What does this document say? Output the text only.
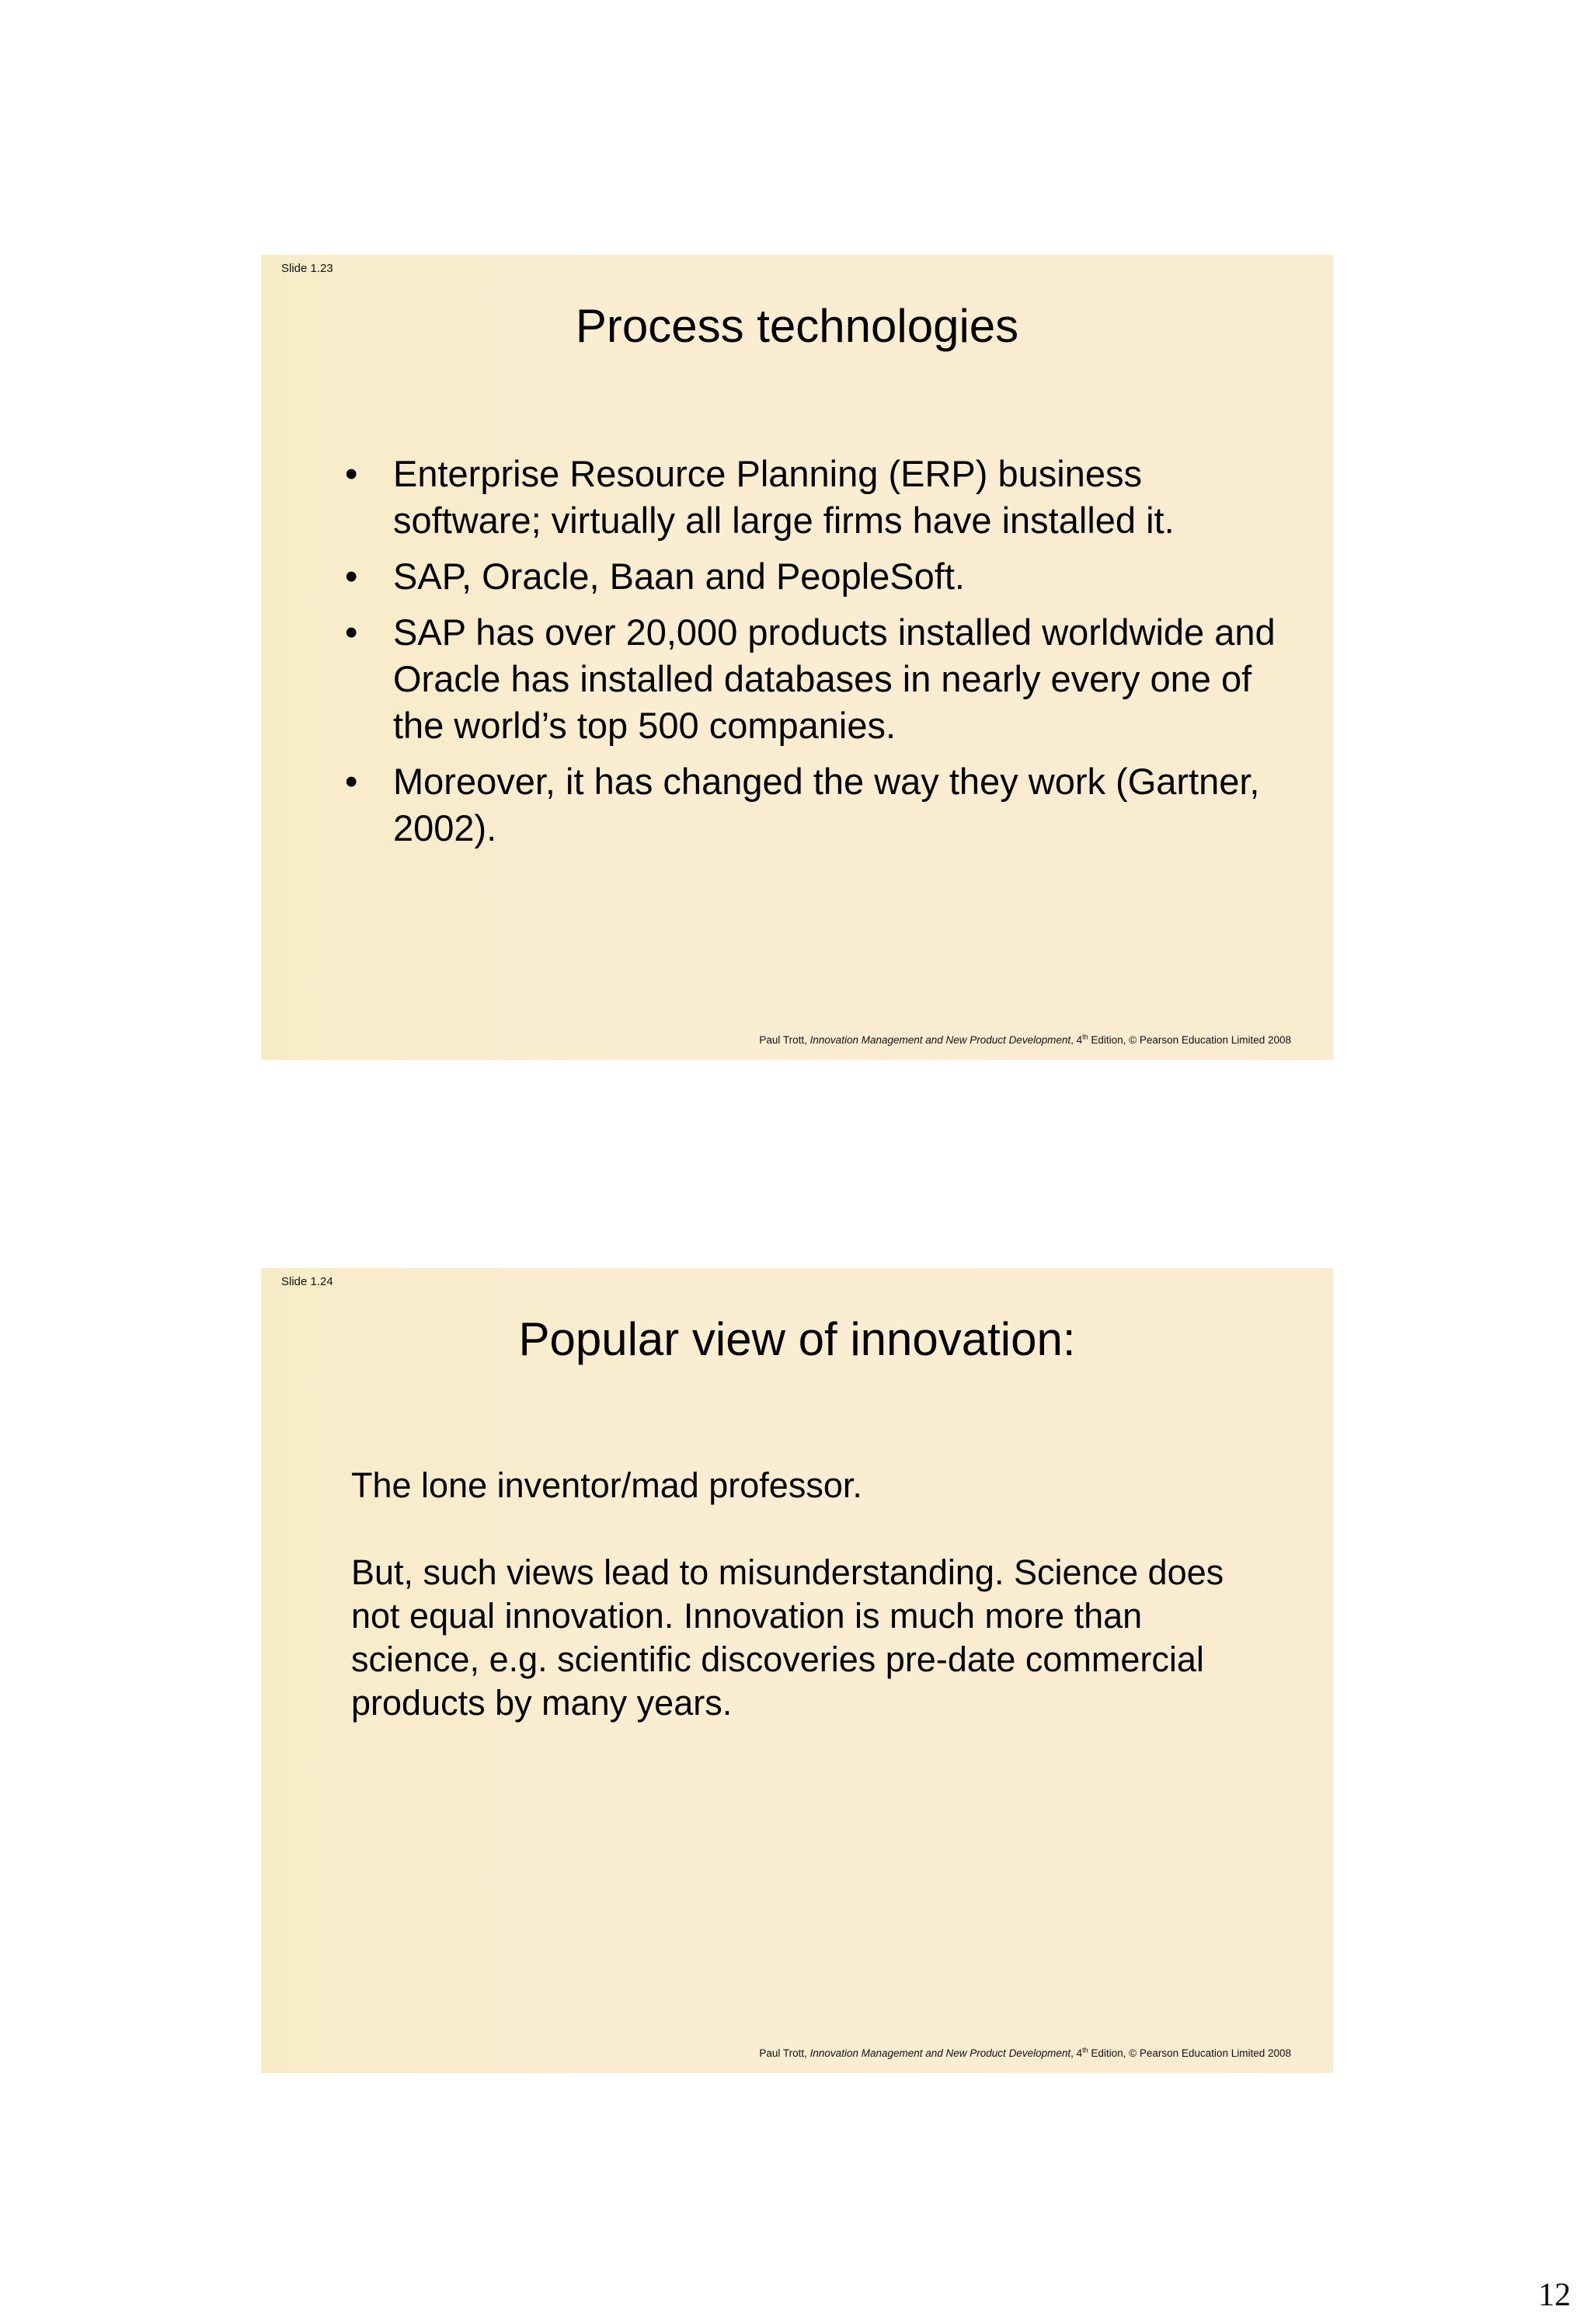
Slide 1.23
Process technologies
• Enterprise Resource Planning (ERP) business software; virtually all large firms have installed it.
• SAP, Oracle, Baan and PeopleSoft.
• SAP has over 20,000 products installed worldwide and Oracle has installed databases in nearly every one of the world’s top 500 companies.
• Moreover, it has changed the way they work (Gartner, 2002).
Paul Trott, Innovation Management and New Product Development, 4th Edition, © Pearson Education Limited 2008
Slide 1.24
Popular view of innovation:

The lone inventor/mad professor.

But, such views lead to misunderstanding. Science does not equal innovation. Innovation is much more than science, e.g. scientific discoveries pre-date commercial products by many years.

Paul Trott, Innovation Management and New Product Development, 4th Edition, © Pearson Education Limited 2008
12
